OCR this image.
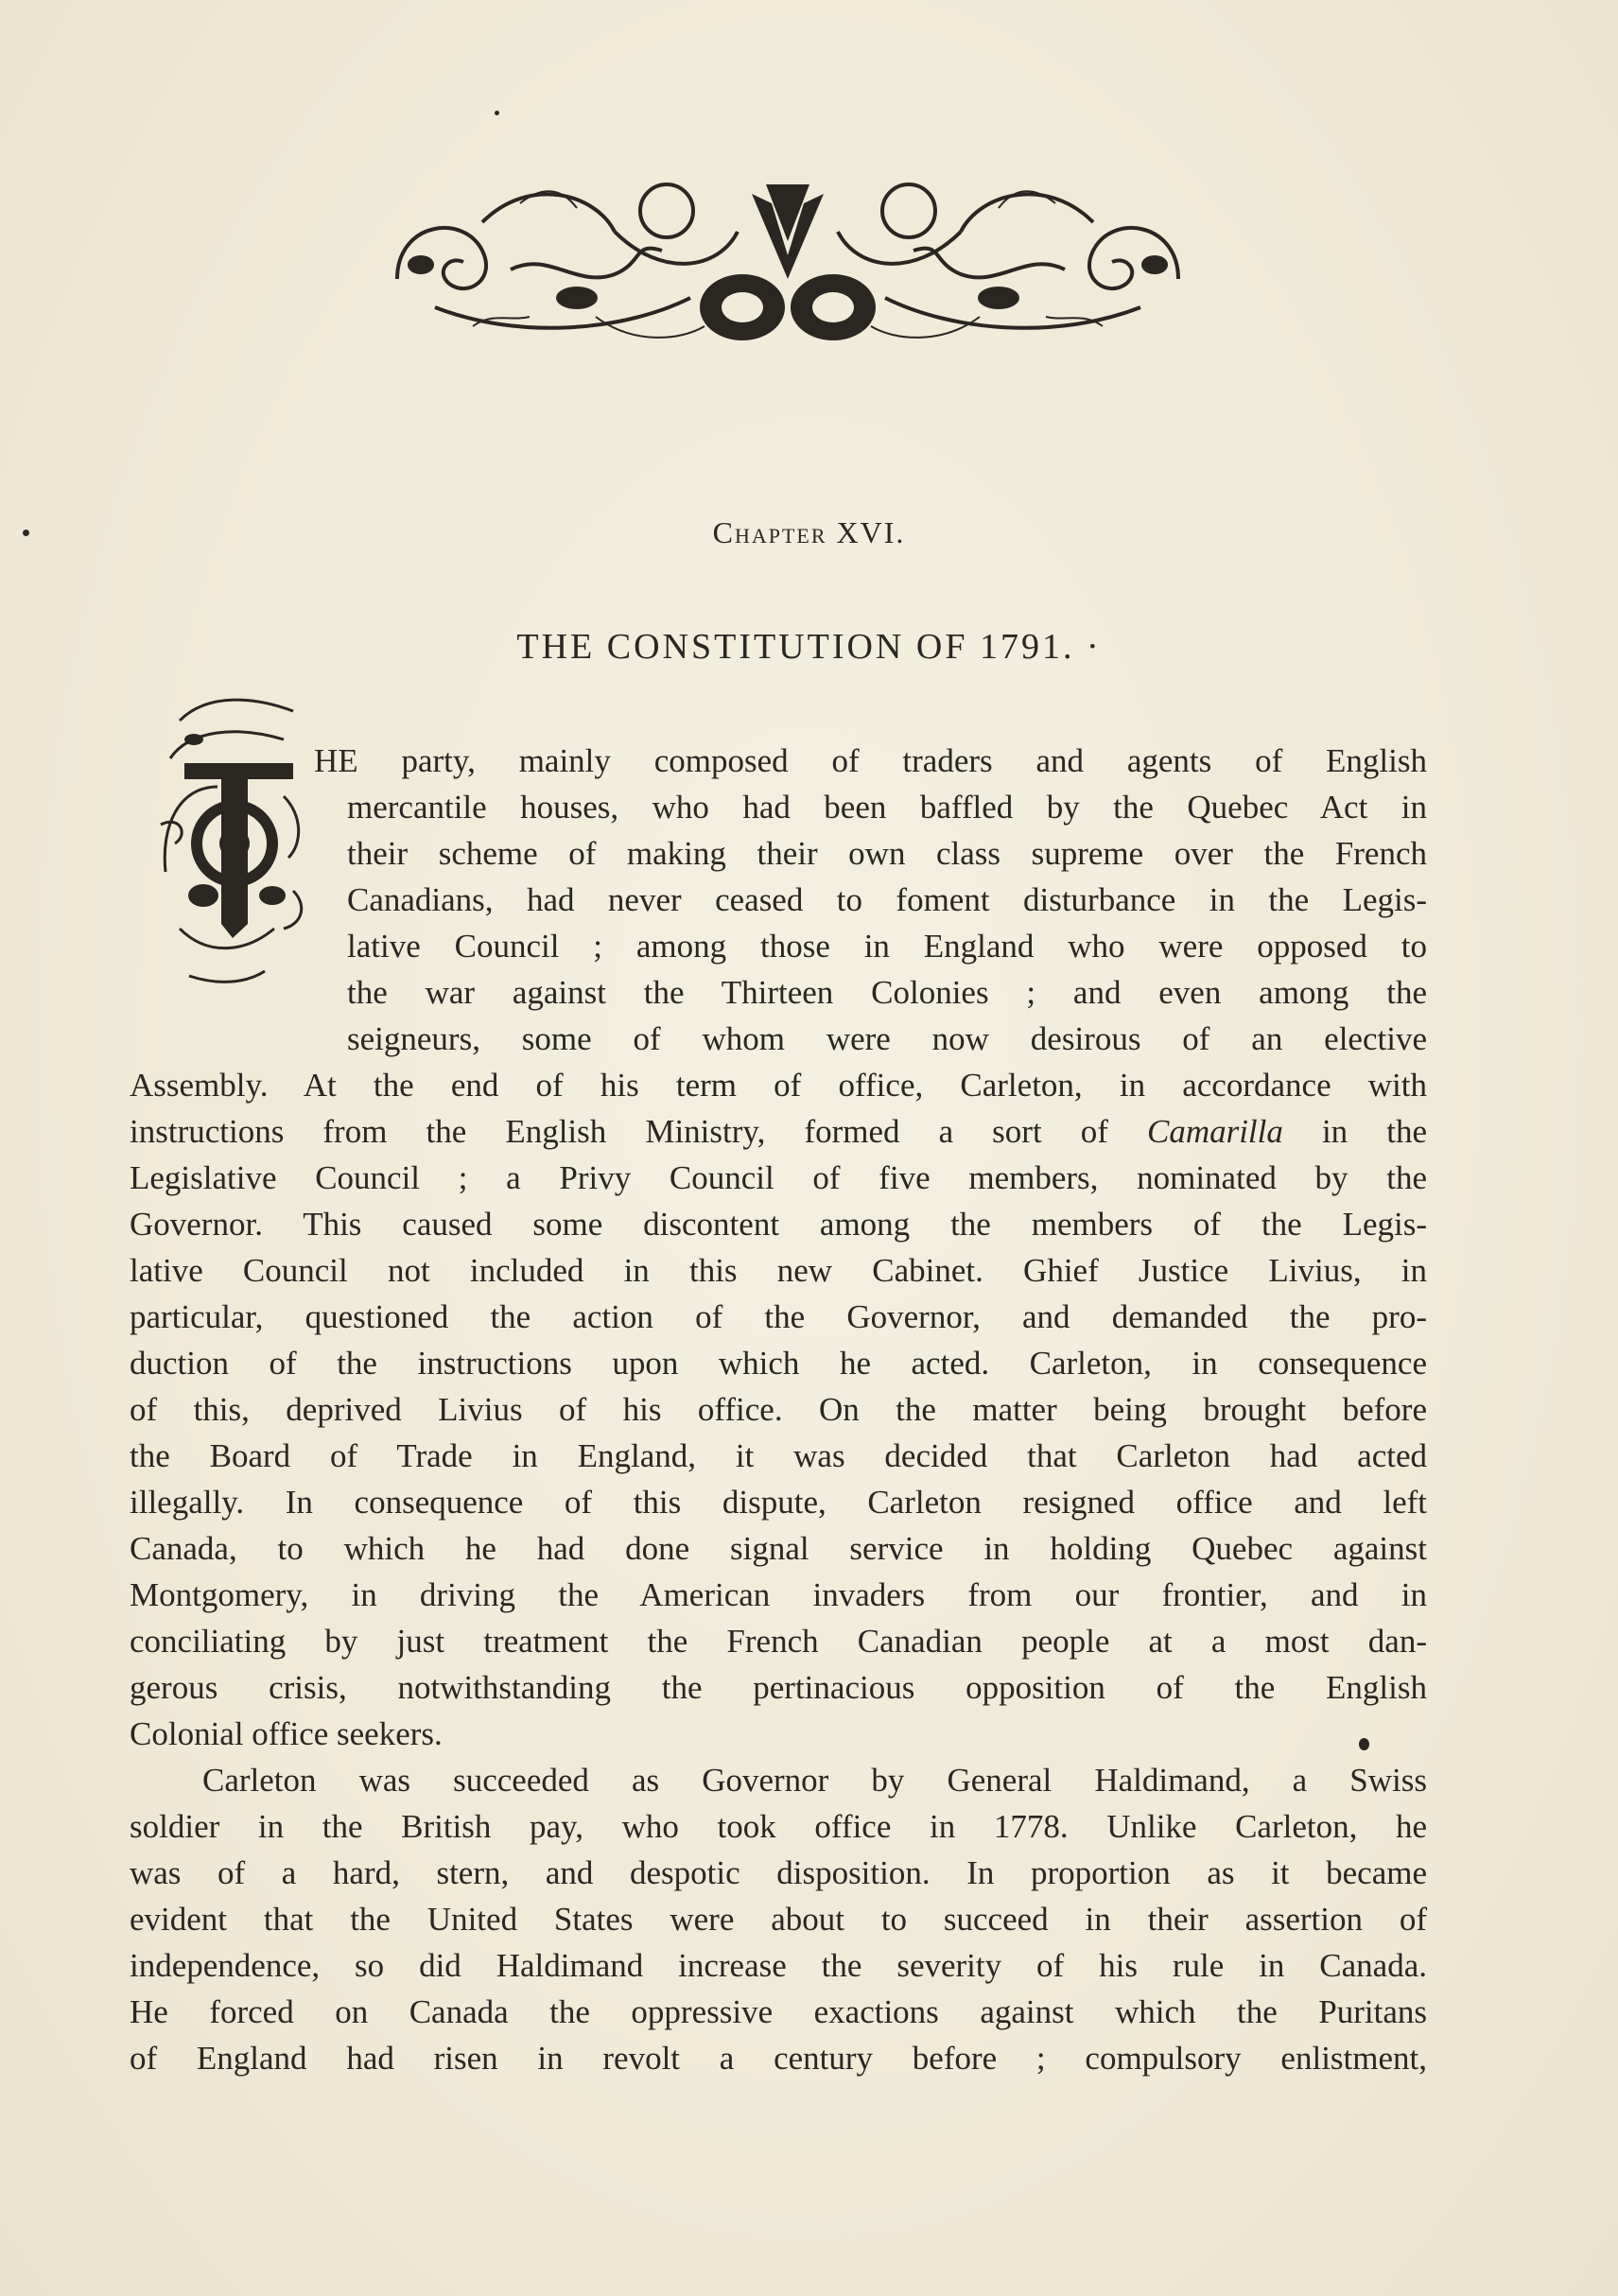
Chapter XVI.
THE CONSTITUTION OF 1791. ·
T
HE party, mainly composed of traders and agents of English
mercantile houses, who had been baffled by the Quebec Act in
their scheme of making their own class supreme over the French
Canadians, had never ceased to foment disturbance in the Legis-
lative Council ; among those in England who were opposed to
the war against the Thirteen Colonies ; and even among the
seigneurs, some of whom were now desirous of an elective
Assembly. At the end of his term of office, Carleton, in accordance with
instructions from the English Ministry, formed a sort of Camarilla in the
Legislative Council ; a Privy Council of five members, nominated by the
Governor. This caused some discontent among the members of the Legis-
lative Council not included in this new Cabinet. Ghief Justice Livius, in
particular, questioned the action of the Governor, and demanded the pro-
duction of the instructions upon which he acted. Carleton, in consequence
of this, deprived Livius of his office. On the matter being brought before
the Board of Trade in England, it was decided that Carleton had acted
illegally. In consequence of this dispute, Carleton resigned office and left
Canada, to which he had done signal service in holding Quebec against
Montgomery, in driving the American invaders from our frontier, and in
conciliating by just treatment the French Canadian people at a most dan-
gerous crisis, notwithstanding the pertinacious opposition of the English
Colonial office seekers.
Carleton was succeeded as Governor by General Haldimand, a Swiss
soldier in the British pay, who took office in 1778. Unlike Carleton, he
was of a hard, stern, and despotic disposition. In proportion as it became
evident that the United States were about to succeed in their assertion of
independence, so did Haldimand increase the severity of his rule in Canada.
He forced on Canada the oppressive exactions against which the Puritans
of England had risen in revolt a century before ; compulsory enlistment,
